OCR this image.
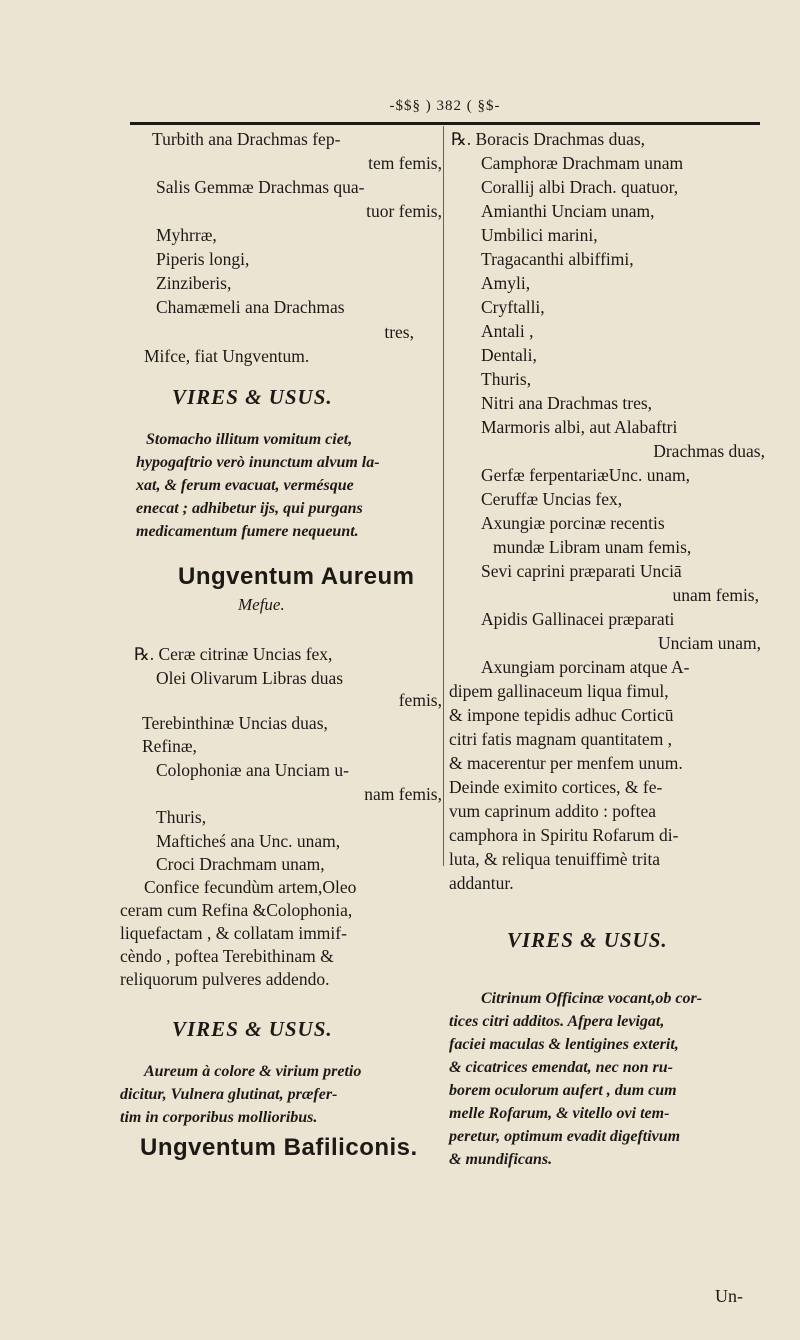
-$$§ ) 382 ( §$-
Turbith ana Drachmas fep-
tem femis,
Salis Gemmæ Drachmas qua-
tuor femis,
Myhrræ,
Piperis longi,
Zinziberis,
Chamæmeli ana Drachmas
tres,
Mifce, fiat Ungventum.
VIRES & USUS.
Stomacho illitum vomitum ciet,
hypogaftrio verò inunctum alvum la-
xat, & ferum evacuat, vermésque
enecat ; adhibetur ijs, qui purgans
medicamentum fumere nequeunt.
Ungventum Aureum
Mefue.
℞. Ceræ citrinæ Uncias fex,
Olei Olivarum Libras duas
femis,
Terebinthinæ Uncias duas,
Refinæ,
Colophoniæ ana Unciam u-
nam femis,
Thuris,
Mafticheś ana Unc. unam,
Croci Drachmam unam,
Confice fecundùm artem,Oleo
ceram cum Refina &Colophonia,
liquefactam , & collatam immif-
cèndo , poftea Terebithinam &
reliquorum pulveres addendo.
VIRES & USUS.
Aureum à colore & virium pretio
dicitur, Vulnera glutinat, præfer-
tim in corporibus mollioribus.
Ungventum Bafiliconis.
℞. Boracis Drachmas duas,
Camphoræ Drachmam unam
Corallij albi Drach. quatuor,
Amianthi Unciam unam,
Umbilici marini,
Tragacanthi albiffimi,
Amyli,
Cryftalli,
Antali ,
Dentali,
Thuris,
Nitri ana Drachmas tres,
Marmoris albi, aut Alabaftri
Drachmas duas,
Gerfæ ferpentariæUnc. unam,
Ceruffæ Uncias fex,
Axungiæ porcinæ recentis
mundæ Libram unam femis,
Sevi caprini præparati Unciā
unam femis,
Apidis Gallinacei præparati
Unciam unam,
Axungiam porcinam atque A-
dipem gallinaceum liqua fimul,
& impone tepidis adhuc Corticū
citri fatis magnam quantitatem ,
& macerentur per menfem unum.
Deinde eximito cortices, & fe-
vum caprinum addito : poftea
camphora in Spiritu Rofarum di-
luta, & reliqua tenuiffimè trita
addantur.
VIRES & USUS.
Citrinum Officinæ vocant,ob cor-
tices citri additos. Afpera levigat,
faciei maculas & lentigines exterit,
& cicatrices emendat, nec non ru-
borem oculorum aufert , dum cum
melle Rofarum, & vitello ovi tem-
peretur, optimum evadit digeftivum
& mundificans.
Un-
